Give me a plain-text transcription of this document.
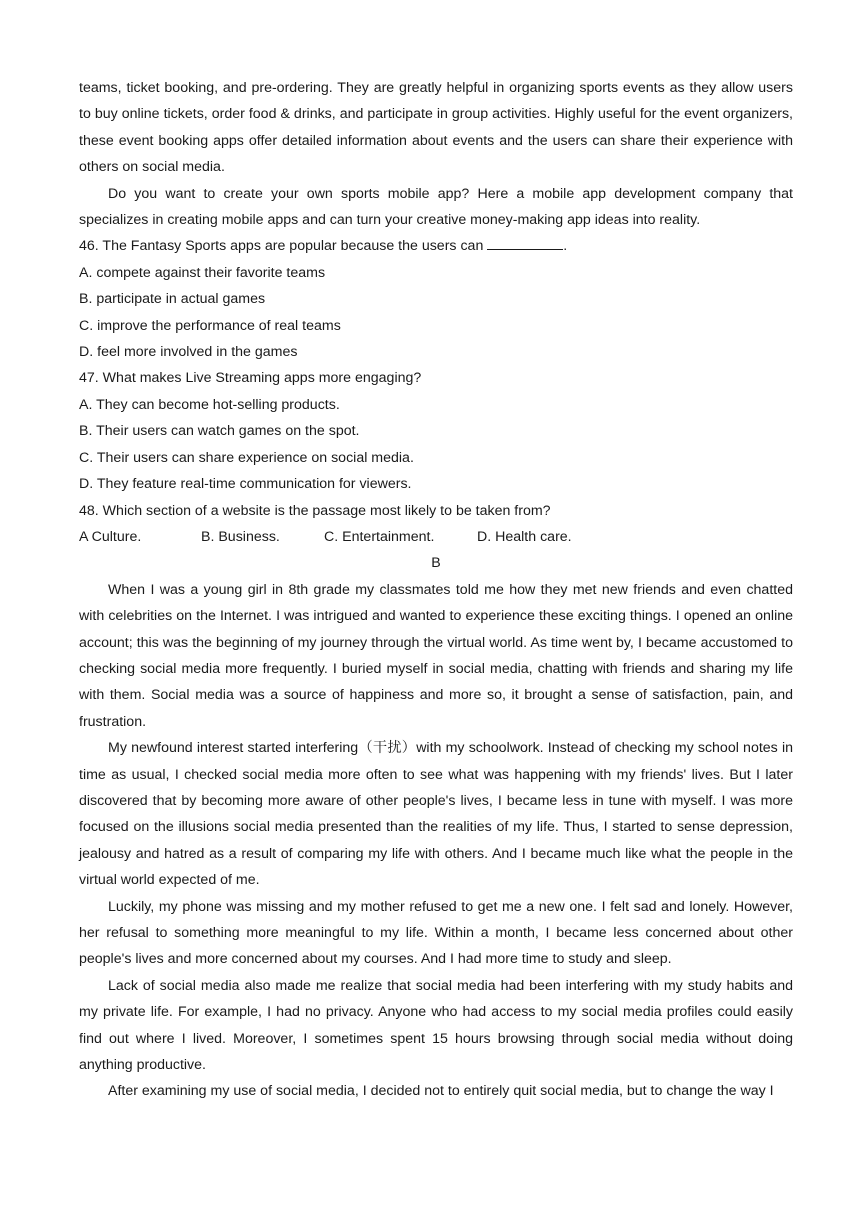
teams, ticket booking, and pre-ordering. They are greatly helpful in organizing sports events as they allow users to buy online tickets, order food & drinks, and participate in group activities. Highly useful for the event organizers, these event booking apps offer detailed information about events and the users can share their experience with others on social media.

Do you want to create your own sports mobile app? Here a mobile app development company that specializes in creating mobile apps and can turn your creative money-making app ideas into reality.

46. The Fantasy Sports apps are popular because the users can	.

A. compete against their favorite teams

B. participate in actual games

C. improve the performance of real teams

D. feel more involved in the games

47. What makes Live Streaming apps more engaging?

A. They can become hot-selling products.

B. Their users can watch games on the spot.

C. Their users can share experience on social media.

D. They feature real-time communication for viewers.

48. Which section of a website is the passage most likely to be taken from?

A Culture.	B. Business.	C. Entertainment.	D. Health care.

B

When I was a young girl in 8th grade my classmates told me how they met new friends and even chatted with celebrities on the Internet. I was intrigued and wanted to experience these exciting things. I opened an online account; this was the beginning of my journey through the virtual world. As time went by, I became accustomed to checking social media more frequently. I buried myself in social media, chatting with friends and sharing my life with them. Social media was a source of happiness and more so, it brought a sense of satisfaction, pain, and frustration.

My newfound interest started interfering（干扰）with my schoolwork. Instead of checking my school notes in time as usual, I checked social media more often to see what was happening with my friends' lives. But I later discovered that by becoming more aware of other people's lives, I became less in tune with myself. I was more focused on the illusions social media presented than the realities of my life. Thus, I started to sense depression, jealousy and hatred as a result of comparing my life with others. And I became much like what the people in the virtual world expected of me.

Luckily, my phone was missing and my mother refused to get me a new one. I felt sad and lonely. However, her refusal to something more meaningful to my life. Within a month, I became less concerned about other people's lives and more concerned about my courses. And I had more time to study and sleep.

Lack of social media also made me realize that social media had been interfering with my study habits and my private life. For example, I had no privacy. Anyone who had access to my social media profiles could easily find out where I lived. Moreover, I sometimes spent 15 hours browsing through social media without doing anything productive.

After examining my use of social media, I decided not to entirely quit social media, but to change the way I
